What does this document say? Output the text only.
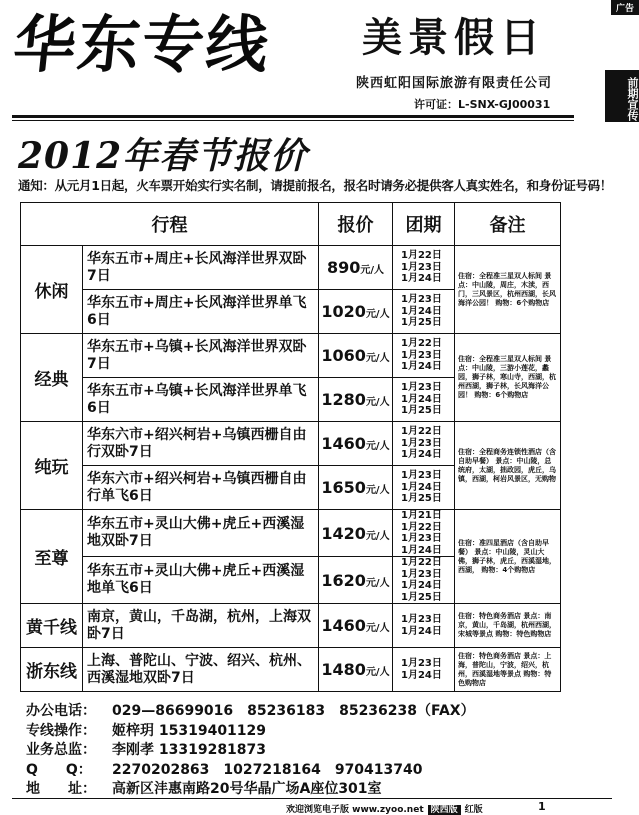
广告
前期宣传
华东专线 美景假日
陕西虹阳国际旅游有限责任公司
许可证：L-SNX-GJ00031
2012年春节报价
通知：从元月1日起，火车票开始实行实名制，请提前报名，报名时请务必提供客人真实姓名，和身份证号码！
行程		报价	团期	备注
休闲	华东五市+周庄+长风海洋世界双卧7日	890元/人	1月22日
1月23日
1月24日	住宿：全程准三星双人标间 景点：中山陵，周庄，木渎，西门，三风景区，杭州西湖，长风海洋公园！ 购物：6个购物店
	华东五市+周庄+长风海洋世界单飞6日	1020元/人	1月23日
1月24日
1月25日	

经典	华东五市+乌镇+长风海洋世界双卧7日	1060元/人	1月22日
1月23日
1月24日	住宿：全程准三星双人标间 景点：中山陵，三游小莲花，蠡园，狮子林，寒山寺，西湖，杭州西湖，狮子林，长风海洋公园！ 购物：6个购物店
	华东五市+乌镇+长风海洋世界单飞6日	1280元/人	1月23日
1月24日
1月25日	

纯玩	华东六市+绍兴柯岩+乌镇西栅自由行双卧7日	1460元/人	1月22日
1月23日
1月24日	住宿：全程商务连锁性酒店（含自助早餐） 景点：中山陵，总统府，太湖，拙政园，虎丘，乌镇，西湖，柯岩风景区，无购物
	华东六市+绍兴柯岩+乌镇西栅自由行单飞6日	1650元/人	1月23日
1月24日
1月25日	

至尊	华东五市+灵山大佛+虎丘+西溪湿地双卧7日	1420元/人	1月21日
1月22日
1月23日
1月24日	住宿：准四星酒店（含自助早餐） 景点：中山陵，灵山大佛，狮子林，虎丘，西溪湿地，西湖， 购物：4个购物店
	华东五市+灵山大佛+虎丘+西溪湿地单飞6日	1620元/人	1月22日
1月23日
1月24日
1月25日	

黄千线	南京，黄山，千岛湖，杭州，上海双卧7日	1460元/人	1月23日
1月24日	住宿：特色商务酒店 景点：南京，黄山，千岛湖，杭州西湖，宋城等景点 购物：特色购物店
浙东线	上海、普陀山、宁波、绍兴、杭州、西溪湿地双卧7日	1480元/人	1月23日
1月24日	住宿：特色商务酒店 景点：上海，普陀山，宁波，绍兴，杭州，西溪湿地等景点 购物：特色购物店
办公电话： 029—86699016　85236183　85236238（FAX）
专线操作： 姬梓玥 15319401129
业务总监： 李刚孝 13319281873
Q　　Q： 2270202863　1027218164　970413740
地　　址： 高新区沣惠南路20号华晶广场A座位301室
欢迎浏览电子版 www.zyoo.net 陕西版 红版	1
